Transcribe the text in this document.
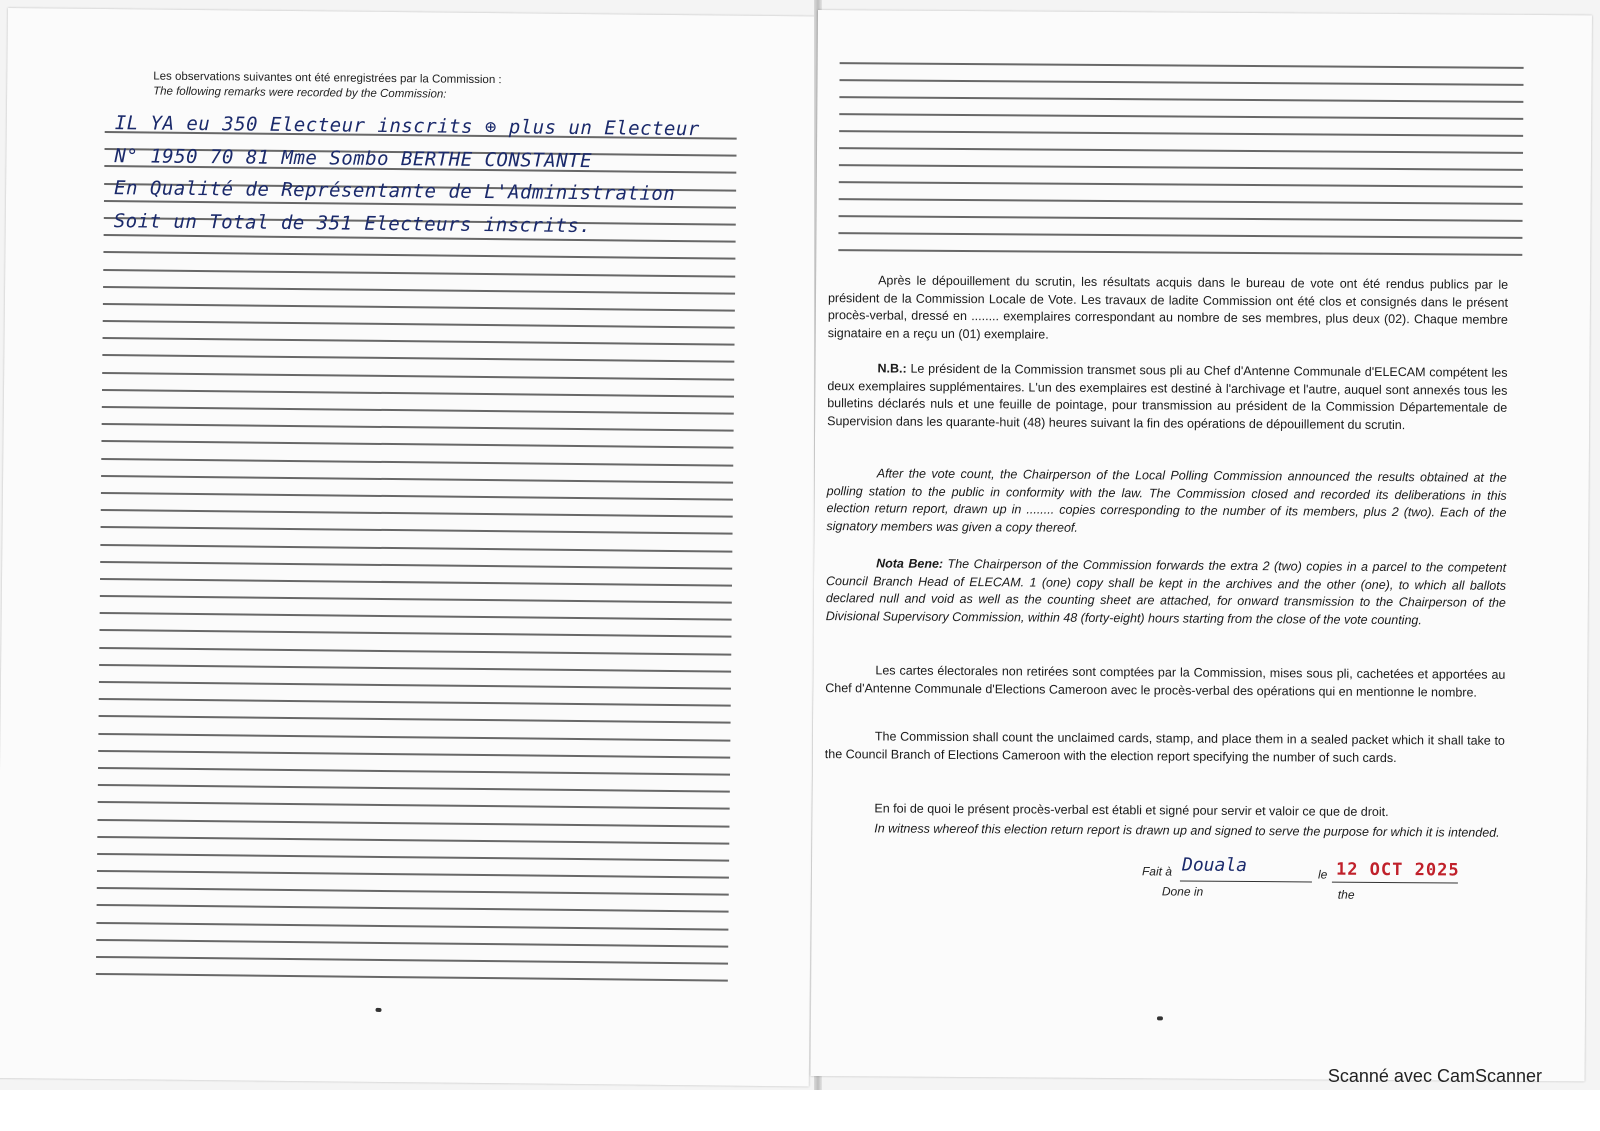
Les observations suivantes ont été enregistrées par la Commission :
The following remarks were recorded by the Commission:
IL YA eu 350 Electeur inscrits ⊕ plus un Electeur
N° 1950 70 81 Mme Sombo BERTHE CONSTANTE
En Qualité de Représentante de L'Administration
Soit un Total de 351 Electeurs inscrits.
Après le dépouillement du scrutin, les résultats acquis dans le bureau de vote ont été rendus publics par le président de la Commission Locale de Vote. Les travaux de ladite Commission ont été clos et consignés dans le présent procès-verbal, dressé en ........ exemplaires correspondant au nombre de ses membres, plus deux (02). Chaque membre signataire en a reçu un (01) exemplaire.
N.B.: Le président de la Commission transmet sous pli au Chef d'Antenne Communale d'ELECAM compétent les deux exemplaires supplémentaires. L'un des exemplaires est destiné à l'archivage et l'autre, auquel sont annexés tous les bulletins déclarés nuls et une feuille de pointage, pour transmission au président de la Commission Départementale de Supervision dans les quarante-huit (48) heures suivant la fin des opérations de dépouillement du scrutin.
After the vote count, the Chairperson of the Local Polling Commission announced the results obtained at the polling station to the public in conformity with the law. The Commission closed and recorded its deliberations in this election return report, drawn up in ........ copies corresponding to the number of its members, plus 2 (two). Each of the signatory members was given a copy thereof.
Nota Bene: The Chairperson of the Commission forwards the extra 2 (two) copies in a parcel to the competent Council Branch Head of ELECAM. 1 (one) copy shall be kept in the archives and the other (one), to which all ballots declared null and void as well as the counting sheet are attached, for onward transmission to the Chairperson of the Divisional Supervisory Commission, within 48 (forty-eight) hours starting from the close of the vote counting.
Les cartes électorales non retirées sont comptées par la Commission, mises sous pli, cachetées et apportées au Chef d'Antenne Communale d'Elections Cameroon avec le procès-verbal des opérations qui en mentionne le nombre.
The Commission shall count the unclaimed cards, stamp, and place them in a sealed packet which it shall take to the Council Branch of Elections Cameroon with the election report specifying the number of such cards.
En foi de quoi le présent procès-verbal est établi et signé pour servir et valoir ce que de droit.
In witness whereof this election return report is drawn up and signed to serve the purpose for which it is intended.
Fait à Douala
Done in
le 12 OCT 2025
the
Scanné avec CamScanner
